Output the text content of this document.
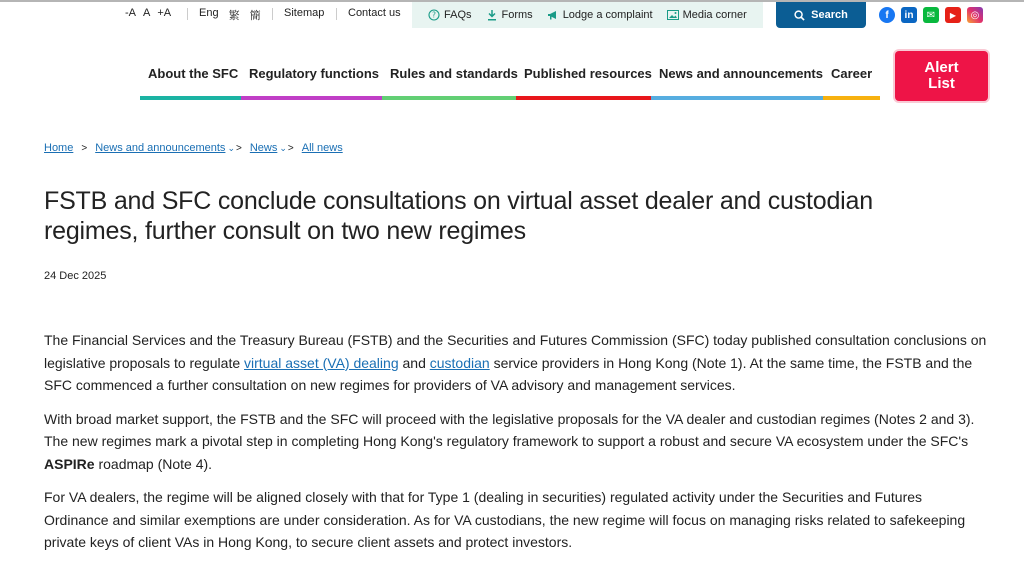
-A A +A	Eng 繁 簡 Sitemap Contact us	? FAQs	Forms	Lodge a complaint	Media corner	Search	f in ✉ ▶ ◎
About the SFC Regulatory functions Rules and standards Published resources News and announcements Career	Alert
List
Home > News and announcements ⌄ > News ⌄ > All news
FSTB and SFC conclude consultations on virtual asset dealer and custodian regimes, further consult on two new regimes
24 Dec 2025

The Financial Services and the Treasury Bureau (FSTB) and the Securities and Futures Commission (SFC) today published consultation conclusions on legislative proposals to regulate virtual asset (VA) dealing and custodian service providers in Hong Kong (Note 1). At the same time, the FSTB and the SFC commenced a further consultation on new regimes for providers of VA advisory and management services.

With broad market support, the FSTB and the SFC will proceed with the legislative proposals for the VA dealer and custodian regimes (Notes 2 and 3). The new regimes mark a pivotal step in completing Hong Kong's regulatory framework to support a robust and secure VA ecosystem under the SFC's ASPIRe roadmap (Note 4).

For VA dealers, the regime will be aligned closely with that for Type 1 (dealing in securities) regulated activity under the Securities and Futures Ordinance and similar exemptions are under consideration. As for VA custodians, the new regime will focus on managing risks related to safekeeping private keys of client VAs in Hong Kong, to secure client assets and protect investors.
